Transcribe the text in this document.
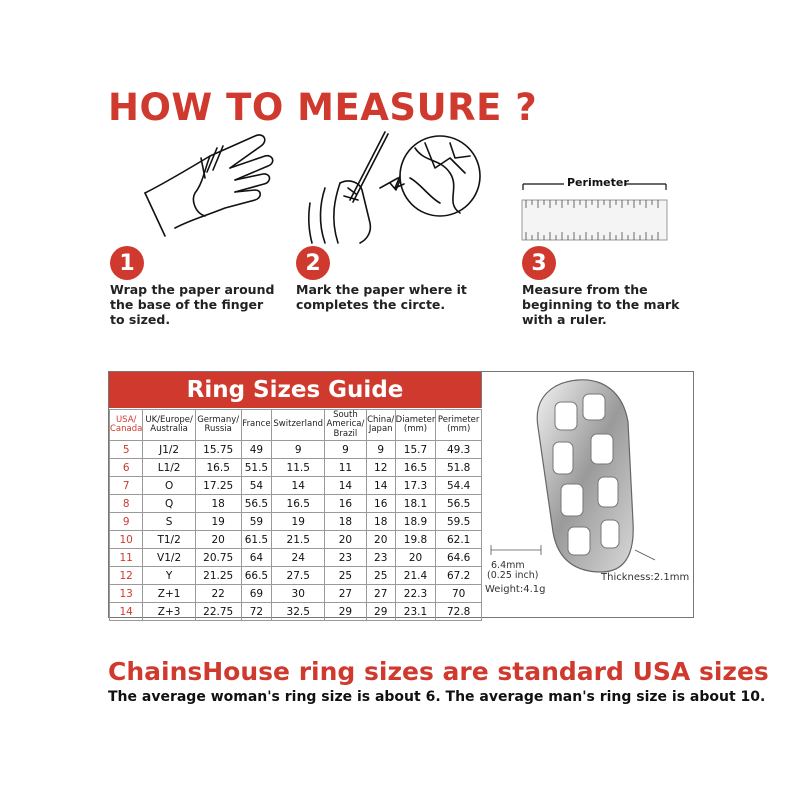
HOW TO MEASURE ?
Perimeter
1
Wrap the paper around the base of the finger to sized.
2
Mark the paper where it completes the circte.
3
Measure from the beginning to the mark with a ruler.
Ring Sizes Guide
USA/ Canada	UK/Europe/ Australia	Germany/ Russia	France	Switzerland	South America/ Brazil	China/ Japan	Diameter (mm)	Perimeter (mm)
5	J1/2	15.75	49	9	9	9	15.7	49.3
6	L1/2	16.5	51.5	11.5	11	12	16.5	51.8
7	O	17.25	54	14	14	14	17.3	54.4
8	Q	18	56.5	16.5	16	16	18.1	56.5
9	S	19	59	19	18	18	18.9	59.5
10	T1/2	20	61.5	21.5	20	20	19.8	62.1
11	V1/2	20.75	64	24	23	23	20	64.6
12	Y	21.25	66.5	27.5	25	25	21.4	67.2
13	Z+1	22	69	30	27	27	22.3	70
14	Z+3	22.75	72	32.5	29	29	23.1	72.8
6.4mm
(0.25 inch)
Weight:4.1g
Thickness:2.1mm
ChainsHouse ring sizes are standard USA sizes
The average woman's ring size is about 6. The average man's ring size is about 10.
